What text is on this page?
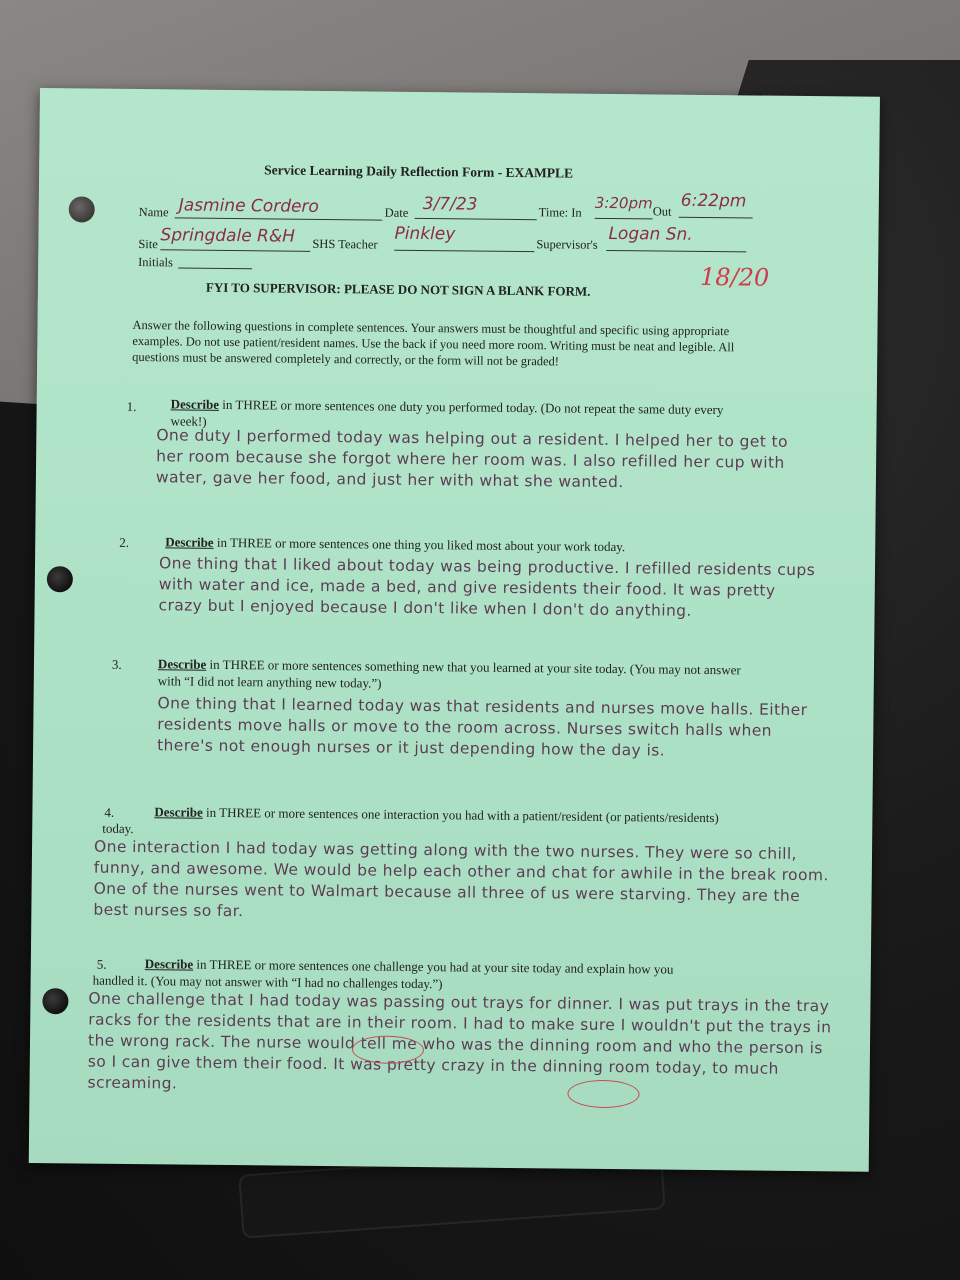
Service Learning Daily Reflection Form - EXAMPLE
Name Jasmine Cordero	Date 3/7/23	Time: In
3:20pm Out
6:22pm
Site Springdale R&H SHS Teacher Pinkley
Supervisor's Logan Sn.
Initials
18/20
FYI TO SUPERVISOR: PLEASE DO NOT SIGN A BLANK FORM.
Answer the following questions in complete sentences. Your answers must be thoughtful and specific using appropriate examples. Do not use patient/resident names. Use the back if you need more room. Writing must be neat and legible. All questions must be answered completely and correctly, or the form will not be graded!
1.	Describe in THREE or more sentences one duty you performed today. (Do not repeat the same duty every week!)
One duty I performed today was helping out a resident. I helped her to get to her room because she forgot where her room was. I also refilled her cup with water, gave her food, and just her with what she wanted.
2.	Describe in THREE or more sentences one thing you liked most about your work today.
One thing that I liked about today was being productive. I refilled residents cups with water and ice, made a bed, and give residents their food. It was pretty crazy but I enjoyed because I don't like when I don't do anything.
3.	Describe in THREE or more sentences something new that you learned at your site today. (You may not answer with “I did not learn anything new today.”)
One thing that I learned today was that residents and nurses move halls. Either residents move halls or move to the room across. Nurses switch halls when there's not enough nurses or it just depending how the day is.
4.	Describe in THREE or more sentences one interaction you had with a patient/resident (or patients/residents) today.
One interaction I had today was getting along with the two nurses. They were so chill, funny, and awesome. We would be help each other and chat for awhile in the break room. One of the nurses went to Walmart because all three of us were starving. They are the best nurses so far.
5.	Describe in THREE or more sentences one challenge you had at your site today and explain how you handled it. (You may not answer with “I had no challenges today.”)
One challenge that I had today was passing out trays for dinner. I was put trays in the tray racks for the residents that are in their room. I had to make sure I wouldn't put the trays in the wrong rack. The nurse would tell me who was the dinning room and who the person is so I can give them their food. It was pretty crazy in the dinning room today, to much screaming.
